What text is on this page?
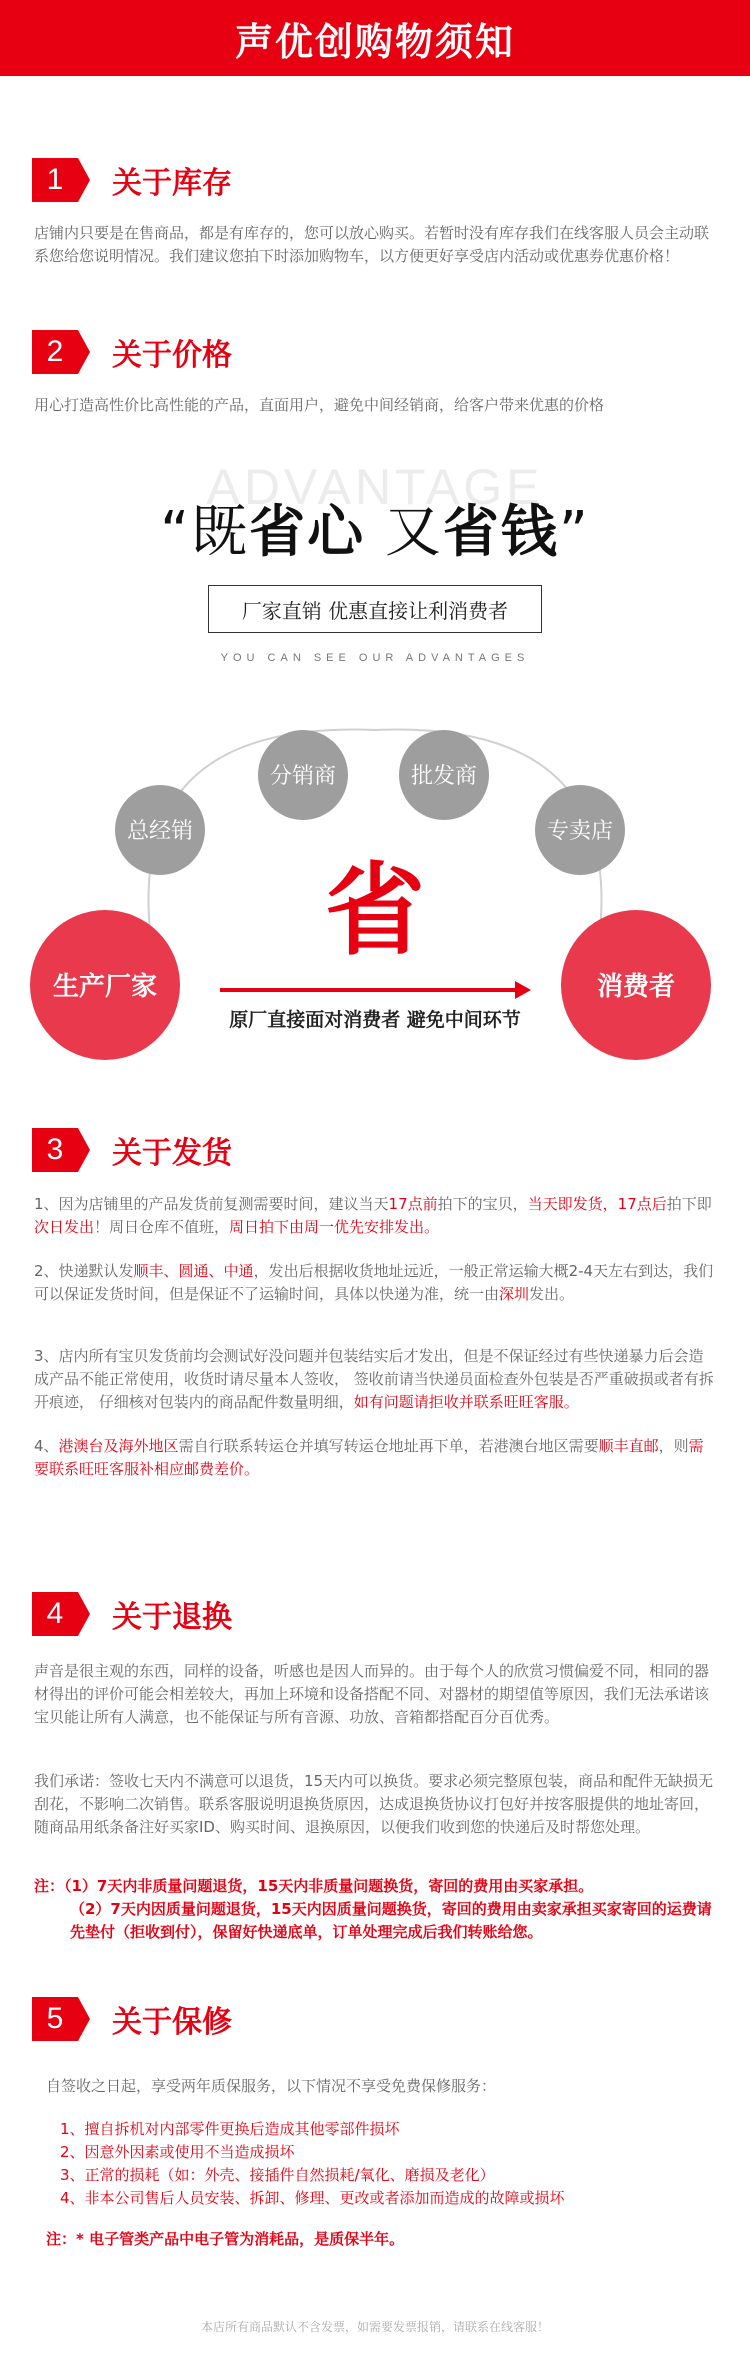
声优创购物须知
1	关于库存

店铺内只要是在售商品，都是有库存的，您可以放心购买。若暂时没有库存我们在线客服人员会主动联系您给您说明情况。我们建议您拍下时添加购物车，以方便更好享受店内活动或优惠券优惠价格！

2	关于价格

用心打造高性价比高性能的产品，直面用户，避免中间经销商，给客户带来优惠的价格

ADVANTAGE
“既省心 又省钱”
厂家直销 优惠直接让利消费者
YOU CAN SEE OUR ADVANTAGES
总经销
分销商	批发商
专卖店
生产厂家	消费者
省
原厂直接面对消费者 避免中间环节
3	关于发货

1、因为店铺里的产品发货前复测需要时间，建议当天17点前拍下的宝贝，当天即发货，17点后拍下即次日发出！周日仓库不值班，周日拍下由周一优先安排发出。

2、快递默认发顺丰、圆通、中通，发出后根据收货地址远近，一般正常运输大概2-4天左右到达，我们可以保证发货时间，但是保证不了运输时间，具体以快递为准，统一由深圳发出。

3、店内所有宝贝发货前均会测试好没问题并包装结实后才发出，但是不保证经过有些快递暴力后会造成产品不能正常使用，收货时请尽量本人签收， 签收前请当快递员面检查外包装是否严重破损或者有拆开痕迹， 仔细核对包装内的商品配件数量明细，如有问题请拒收并联系旺旺客服。

4、港澳台及海外地区需自行联系转运仓并填写转运仓地址再下单，若港澳台地区需要顺丰直邮，则需要联系旺旺客服补相应邮费差价。

4	关于退换

声音是很主观的东西，同样的设备，听感也是因人而异的。由于每个人的欣赏习惯偏爱不同，相同的器材得出的评价可能会相差较大，再加上环境和设备搭配不同、对器材的期望值等原因，我们无法承诺该宝贝能让所有人满意，也不能保证与所有音源、功放、音箱都搭配百分百优秀。

我们承诺：签收七天内不满意可以退货，15天内可以换货。要求必须完整原包装，商品和配件无缺损无刮花，不影响二次销售。联系客服说明退换货原因，达成退换货协议打包好并按客服提供的地址寄回，随商品用纸条备注好买家ID、购买时间、退换原因，以便我们收到您的快递后及时帮您处理。

注：（1）7天内非质量问题退货，15天内非质量问题换货，寄回的费用由买家承担。
（2）7天内因质量问题退货，15天内因质量问题换货，寄回的费用由卖家承担买家寄回的运费请先垫付（拒收到付），保留好快递底单，订单处理完成后我们转账给您。
5	关于保修

自签收之日起，享受两年质保服务，以下情况不享受免费保修服务：

1、擅自拆机对内部零件更换后造成其他零部件损坏
2、因意外因素或使用不当造成损坏
3、正常的损耗（如：外壳、接插件自然损耗/氧化、磨损及老化）
4、非本公司售后人员安装、拆卸、修理、更改或者添加而造成的故障或损坏

注：* 电子管类产品中电子管为消耗品，是质保半年。

本店所有商品默认不含发票，如需要发票报销，请联系在线客服！
